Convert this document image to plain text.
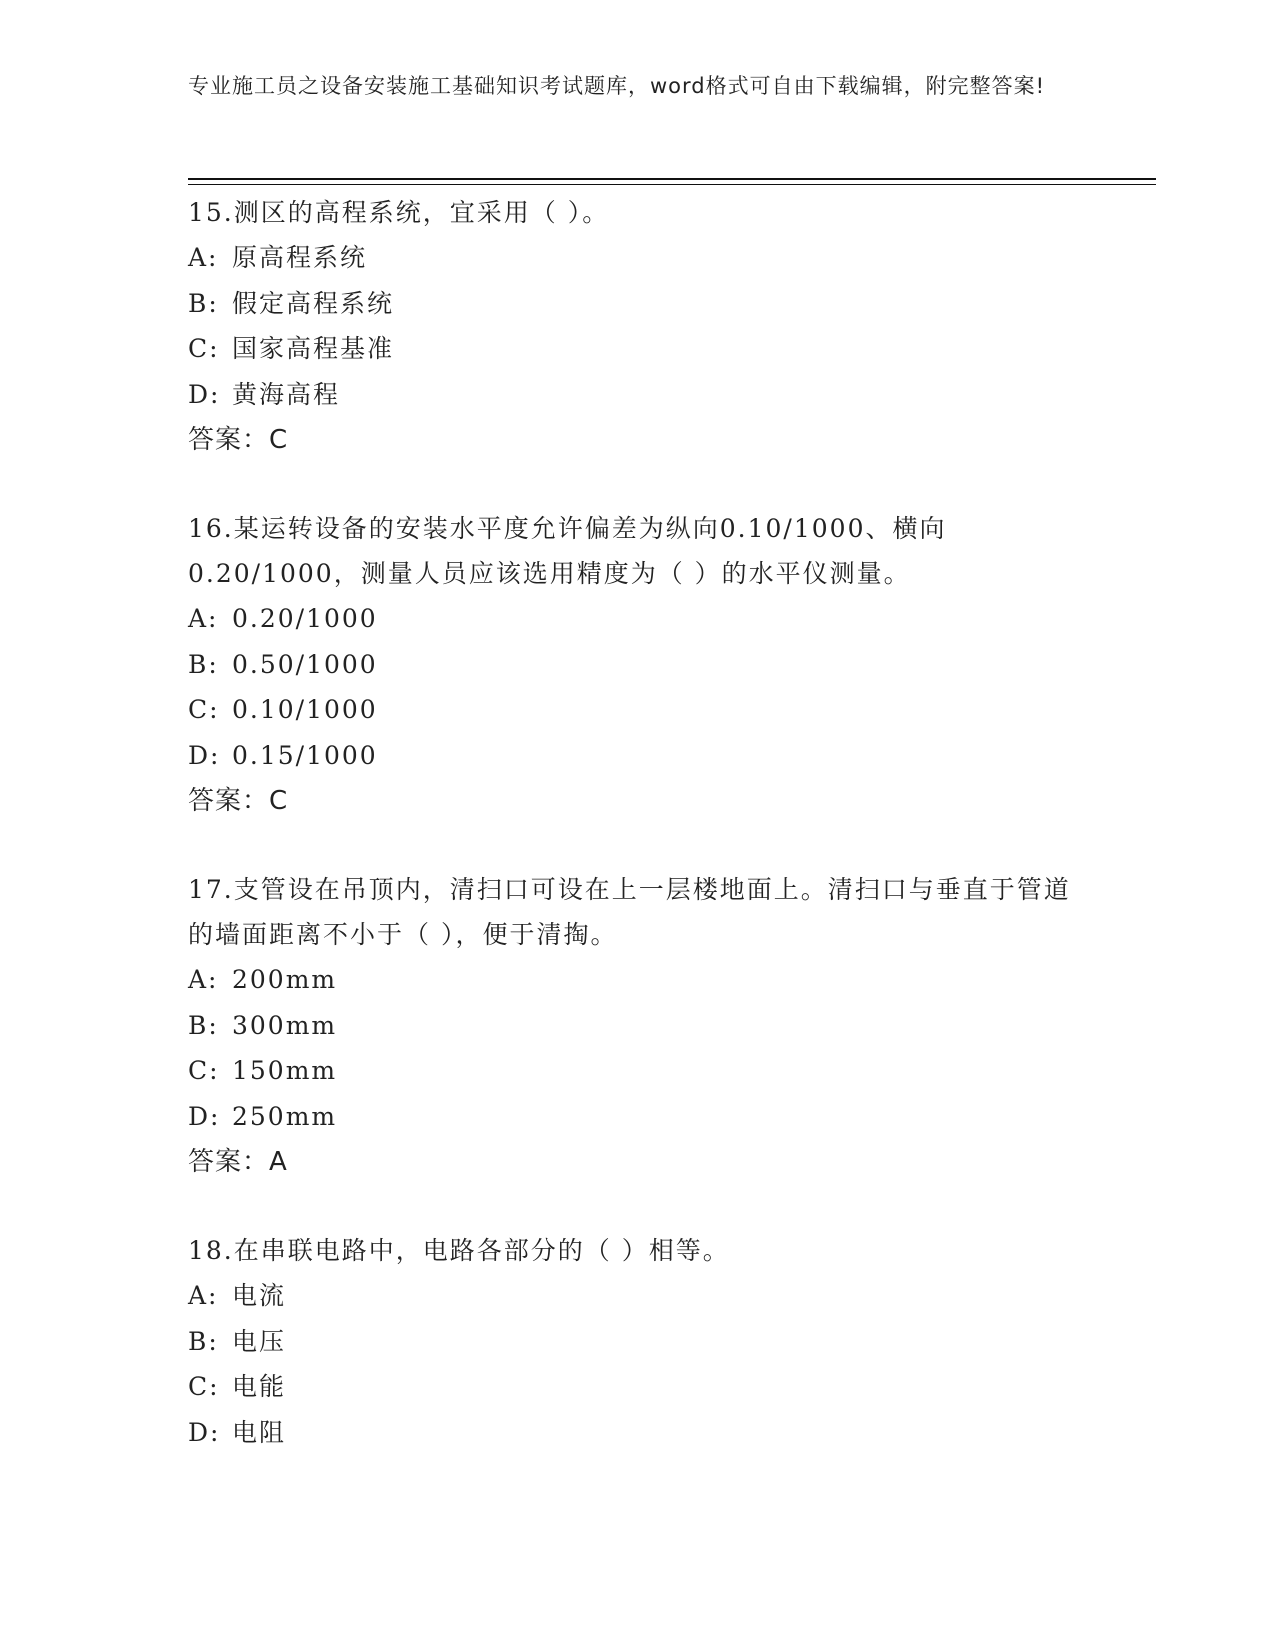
专业施工员之设备安装施工基础知识考试题库，word格式可自由下载编辑，附完整答案!

15.测区的高程系统，宜采用（ ）。

A: 原高程系统

B: 假定高程系统

C: 国家高程基准

D: 黄海高程

答案：C

16.某运转设备的安装水平度允许偏差为纵向0.10/1000、横向0.20/1000，测量人员应该选用精度为（ ）的水平仪测量。

A: 0.20/1000

B: 0.50/1000

C: 0.10/1000

D: 0.15/1000

答案：C

17.支管设在吊顶内，清扫口可设在上一层楼地面上。清扫口与垂直于管道的墙面距离不小于（ ），便于清掏。

A: 200mm

B: 300mm

C: 150mm

D: 250mm

答案：A

18.在串联电路中，电路各部分的（ ）相等。

A: 电流

B: 电压

C: 电能

D: 电阻
